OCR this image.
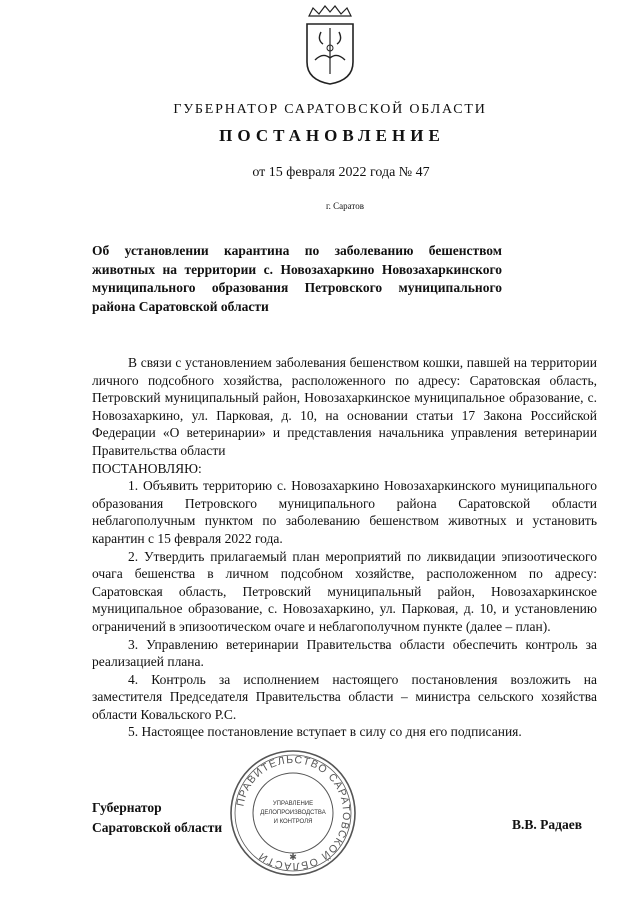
ГУБЕРНАТОР САРАТОВСКОЙ ОБЛАСТИ
ПОСТАНОВЛЕНИЕ
от 15 февраля 2022 года № 47
г. Саратов
Об установлении карантина по заболеванию бешенством животных на территории с. Новозахаркино Новозахаркинского муниципального образования Петровского муниципального района Саратовской области

В связи с установлением заболевания бешенством кошки, павшей на территории личного подсобного хозяйства, расположенного по адресу: Саратовская область, Петровский муниципальный район, Новозахаркинское муниципальное образование, с. Новозахаркино, ул. Парковая, д. 10, на основании статьи 17 Закона Российской Федерации «О ветеринарии» и представления начальника управления ветеринарии Правительства области

ПОСТАНОВЛЯЮ:

1. Объявить территорию с. Новозахаркино Новозахаркинского муниципального образования Петровского муниципального района Саратовской области неблагополучным пунктом по заболеванию бешенством животных и установить карантин с 15 февраля 2022 года.

2. Утвердить прилагаемый план мероприятий по ликвидации эпизоотического очага бешенства в личном подсобном хозяйстве, расположенном по адресу: Саратовская область, Петровский муниципальный район, Новозахаркинское муниципальное образование, с. Новозахаркино, ул. Парковая, д. 10, и установлению ограничений в эпизоотическом очаге и неблагополучном пункте (далее – план).

3. Управлению ветеринарии Правительства области обеспечить контроль за реализацией плана.

4. Контроль за исполнением настоящего постановления возложить на заместителя Председателя Правительства области – министра сельского хозяйства области Ковальского Р.С.

5. Настоящее постановление вступает в силу со дня его подписания.

ПРАВИТЕЛЬСТВО САРАТОВСКОЙ ОБЛАСТИ	✱
УПРАВЛЕНИЕ
ДЕЛОПРОИЗВОДСТВА
И КОНТРОЛЯ
Губернатор
Саратовской области	В.В. Радаев
